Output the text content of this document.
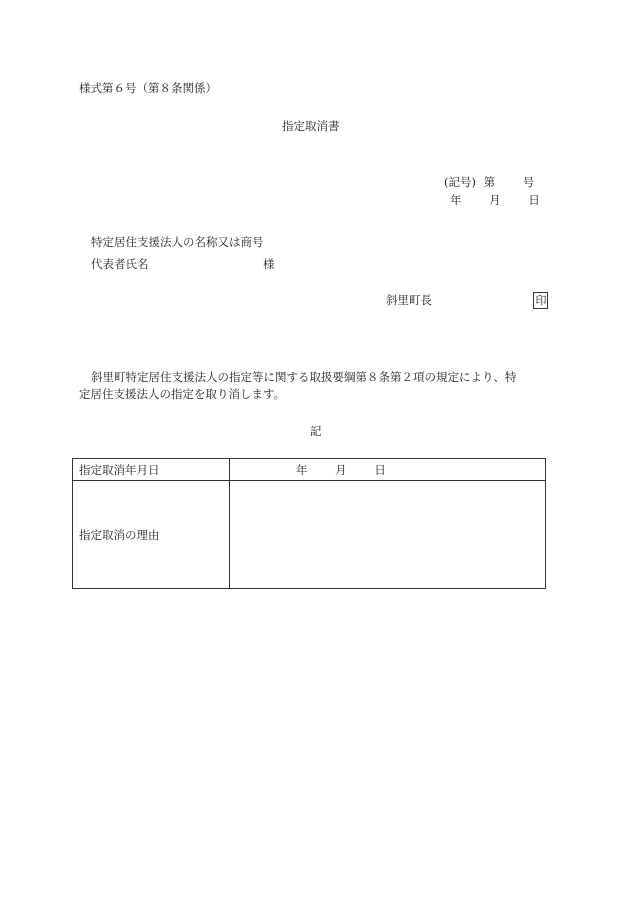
様式第６号（第８条関係）
指定取消書
(記号) 第 号
年 月 日
特定居住支援法人の名称又は商号
代表者氏名	様
斜里町長	印
斜里町特定居住支援法人の指定等に関する取扱要綱第８条第２項の規定により、特
定居住支援法人の指定を取り消します。
記
指定取消年月日	年 月 日
指定取消の理由	
